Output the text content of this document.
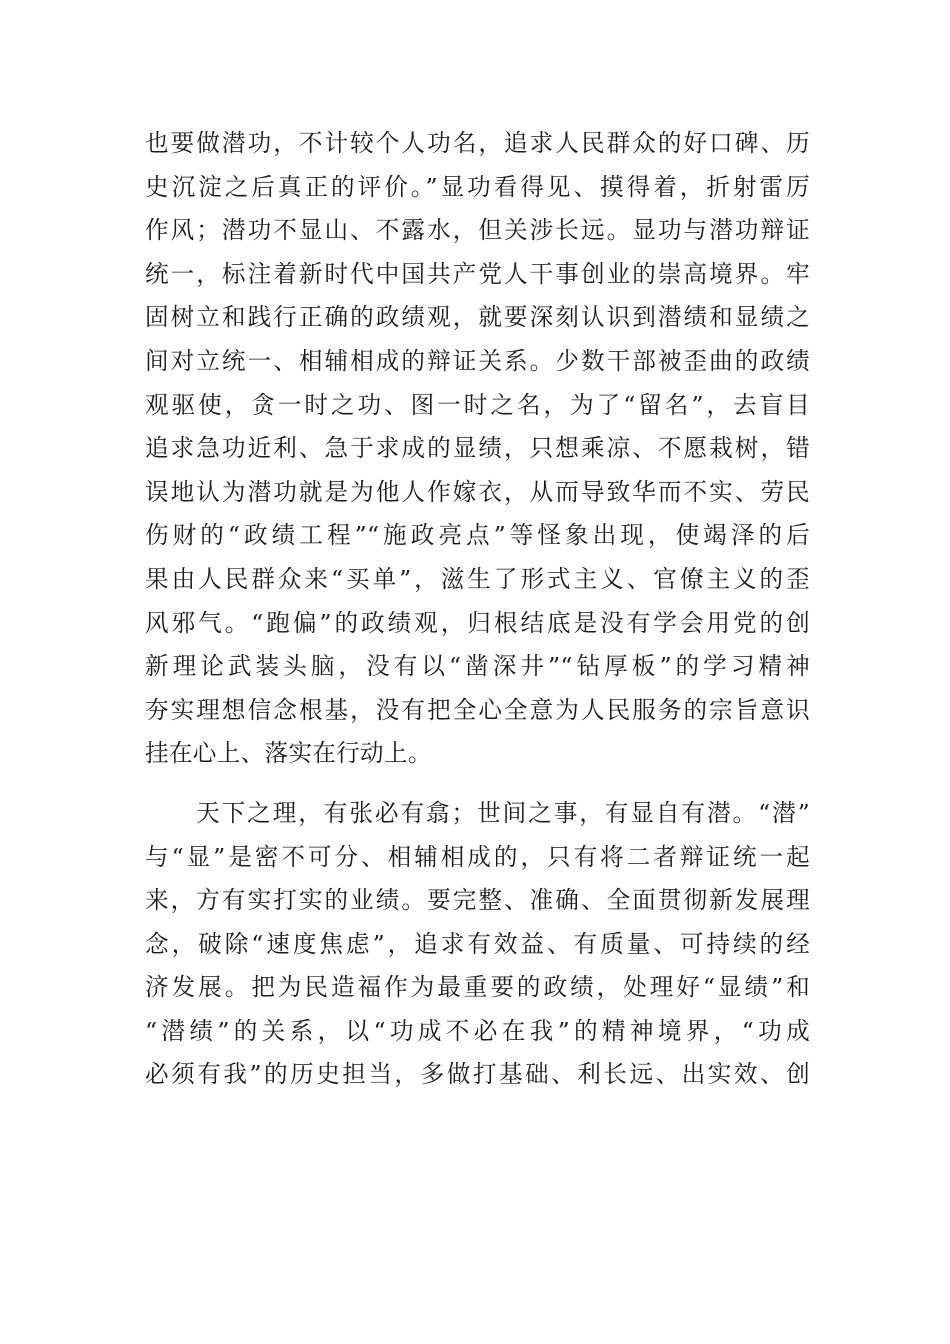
也要做潜功，不计较个人功名，追求人民群众的好口碑、历
史沉淀之后真正的评价。”显功看得见、摸得着，折射雷厉
作风；潜功不显山、不露水，但关涉长远。显功与潜功辩证
统一，标注着新时代中国共产党人干事创业的崇高境界。牢
固树立和践行正确的政绩观，就要深刻认识到潜绩和显绩之
间对立统一、相辅相成的辩证关系。少数干部被歪曲的政绩
观驱使，贪一时之功、图一时之名，为了“留名”，去盲目
追求急功近利、急于求成的显绩，只想乘凉、不愿栽树，错
误地认为潜功就是为他人作嫁衣，从而导致华而不实、劳民
伤财的“政绩工程”“施政亮点”等怪象出现，使竭泽的后
果由人民群众来“买单”，滋生了形式主义、官僚主义的歪
风邪气。“跑偏”的政绩观，归根结底是没有学会用党的创
新理论武装头脑，没有以“凿深井”“钻厚板”的学习精神
夯实理想信念根基，没有把全心全意为人民服务的宗旨意识
挂在心上、落实在行动上。
　　天下之理，有张必有翕；世间之事，有显自有潜。“潜”
与“显”是密不可分、相辅相成的，只有将二者辩证统一起
来，方有实打实的业绩。要完整、准确、全面贯彻新发展理
念，破除“速度焦虑”，追求有效益、有质量、可持续的经
济发展。把为民造福作为最重要的政绩，处理好“显绩”和
“潜绩”的关系，以“功成不必在我”的精神境界，“功成
必须有我”的历史担当，多做打基础、利长远、出实效、创
